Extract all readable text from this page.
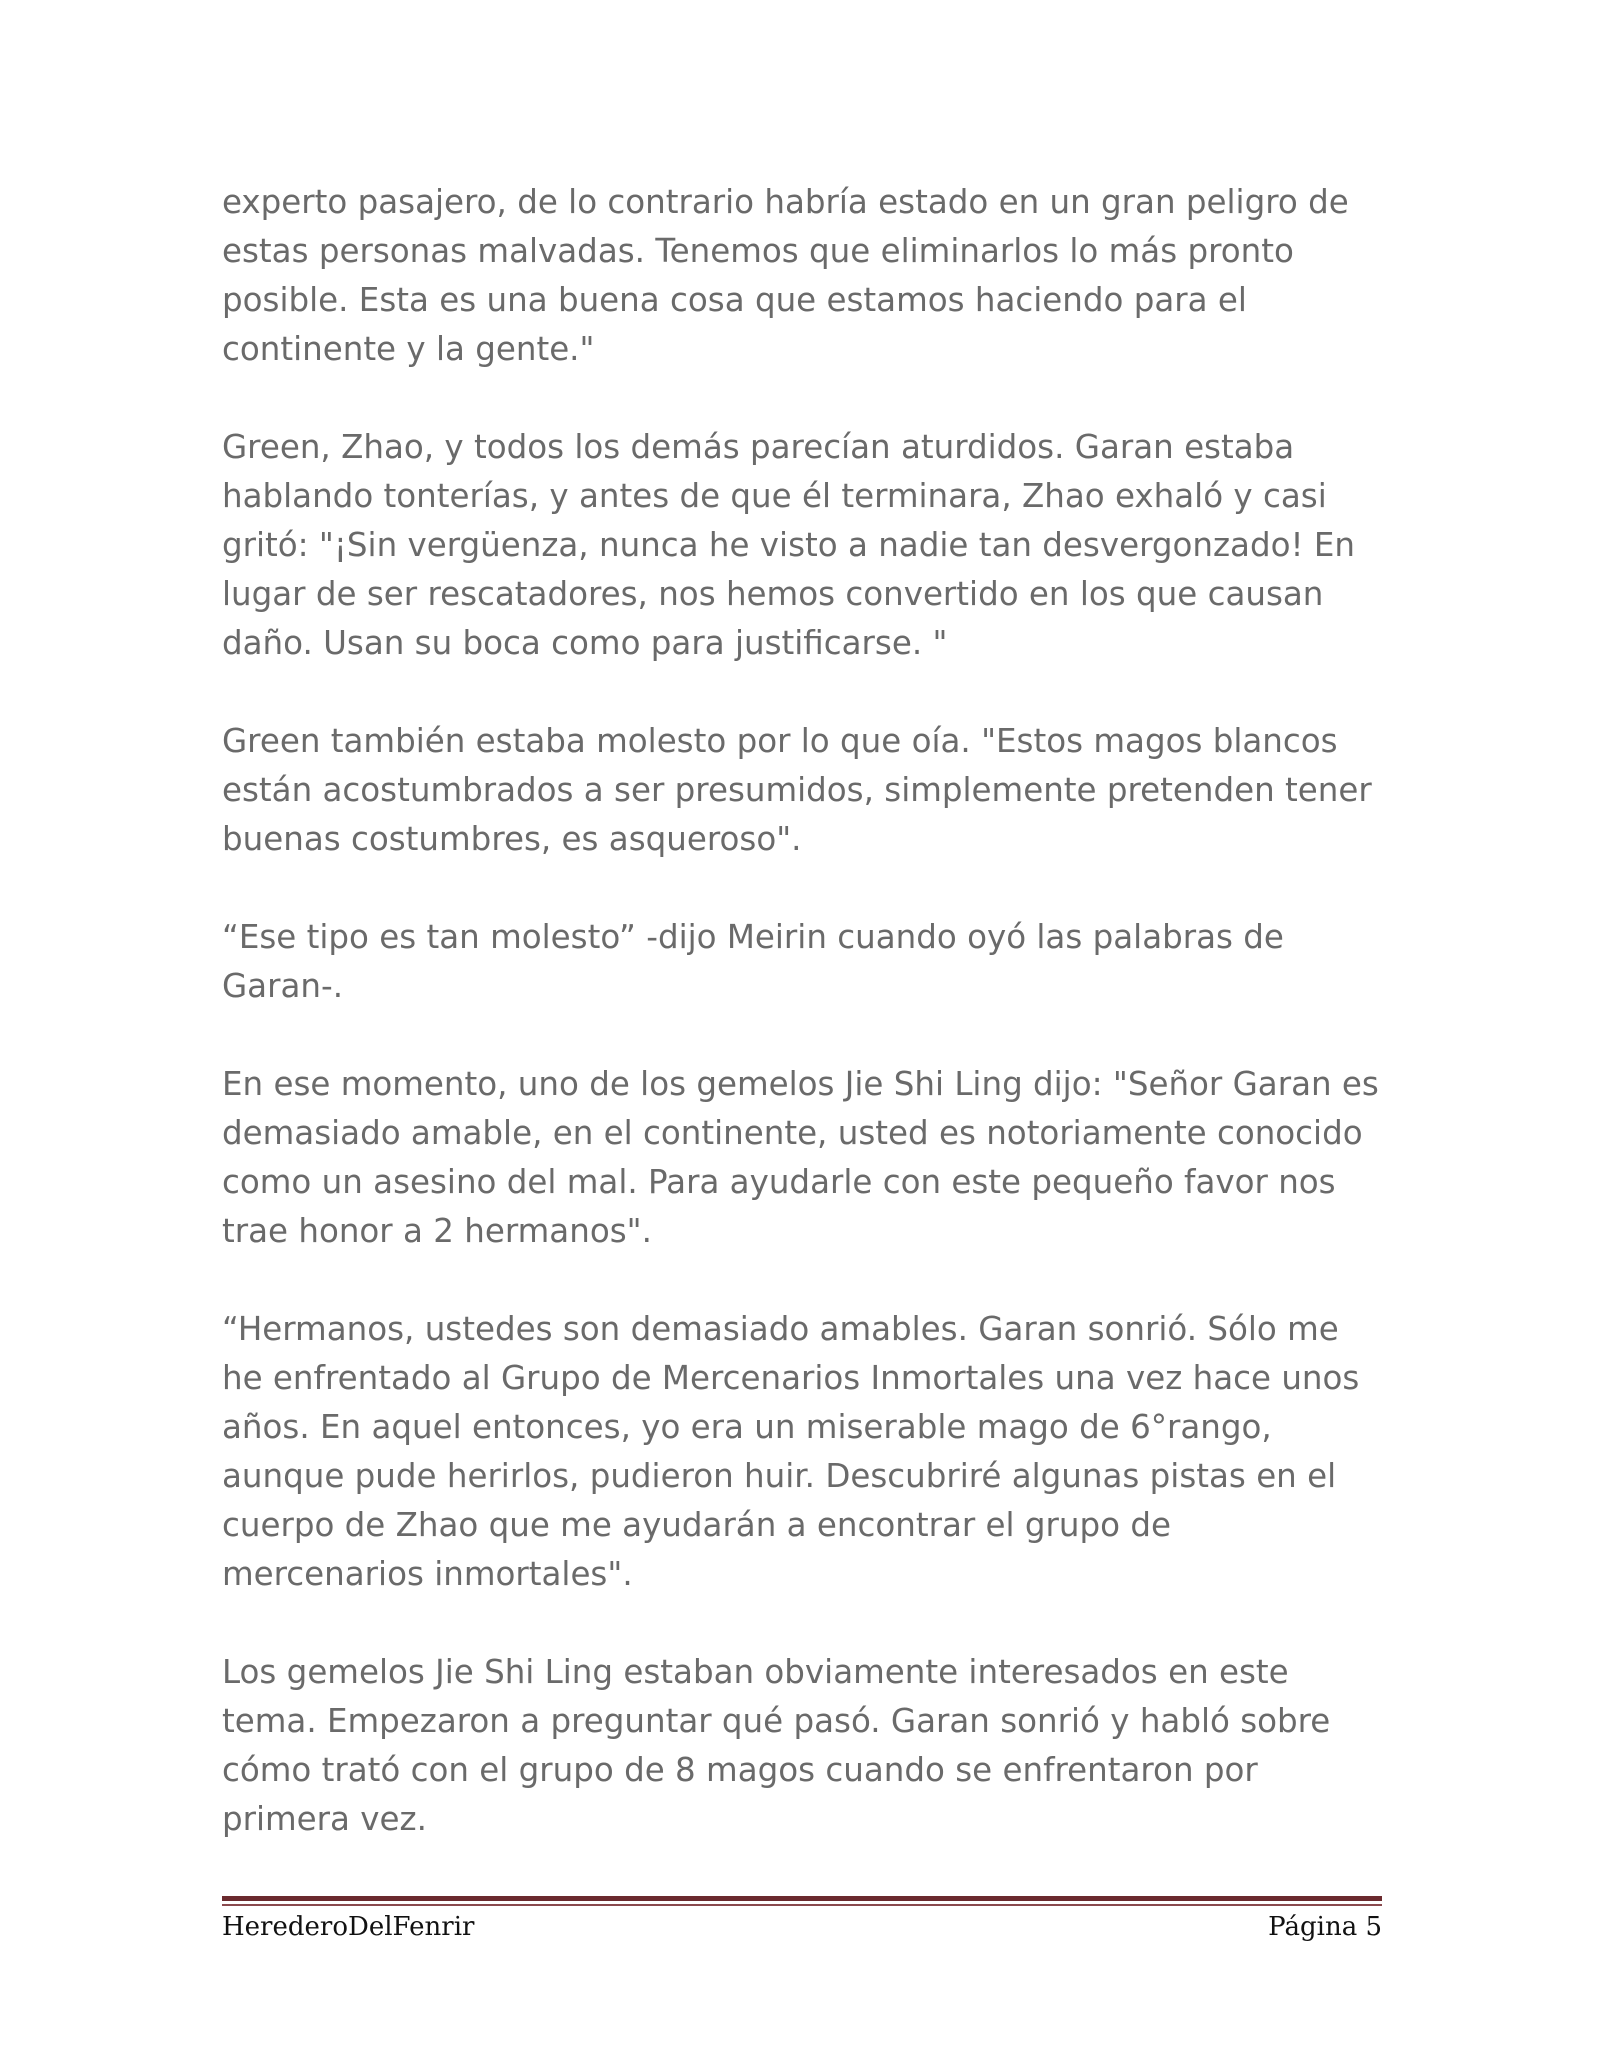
experto pasajero, de lo contrario habría estado en un gran peligro de estas personas malvadas. Tenemos que eliminarlos lo más pronto posible. Esta es una buena cosa que estamos haciendo para el continente y la gente."

Green, Zhao, y todos los demás parecían aturdidos. Garan estaba hablando tonterías, y antes de que él terminara, Zhao exhaló y casi gritó: "¡Sin vergüenza, nunca he visto a nadie tan desvergonzado! En lugar de ser rescatadores, nos hemos convertido en los que causan daño. Usan su boca como para justificarse. "

Green también estaba molesto por lo que oía. "Estos magos blancos están acostumbrados a ser presumidos, simplemente pretenden tener buenas costumbres, es asqueroso".

“Ese tipo es tan molesto” -dijo Meirin cuando oyó las palabras de Garan-.

En ese momento, uno de los gemelos Jie Shi Ling dijo: "Señor Garan es demasiado amable, en el continente, usted es notoriamente conocido como un asesino del mal. Para ayudarle con este pequeño favor nos trae honor a 2 hermanos".

“Hermanos, ustedes son demasiado amables. Garan sonrió. Sólo me he enfrentado al Grupo de Mercenarios Inmortales una vez hace unos años. En aquel entonces, yo era un miserable mago de 6°rango, aunque pude herirlos, pudieron huir. Descubriré algunas pistas en el cuerpo de Zhao que me ayudarán a encontrar el grupo de mercenarios inmortales".

Los gemelos Jie Shi Ling estaban obviamente interesados en este tema. Empezaron a preguntar qué pasó. Garan sonrió y habló sobre cómo trató con el grupo de 8 magos cuando se enfrentaron por primera vez.

HerederoDelFenrir	Página 5
